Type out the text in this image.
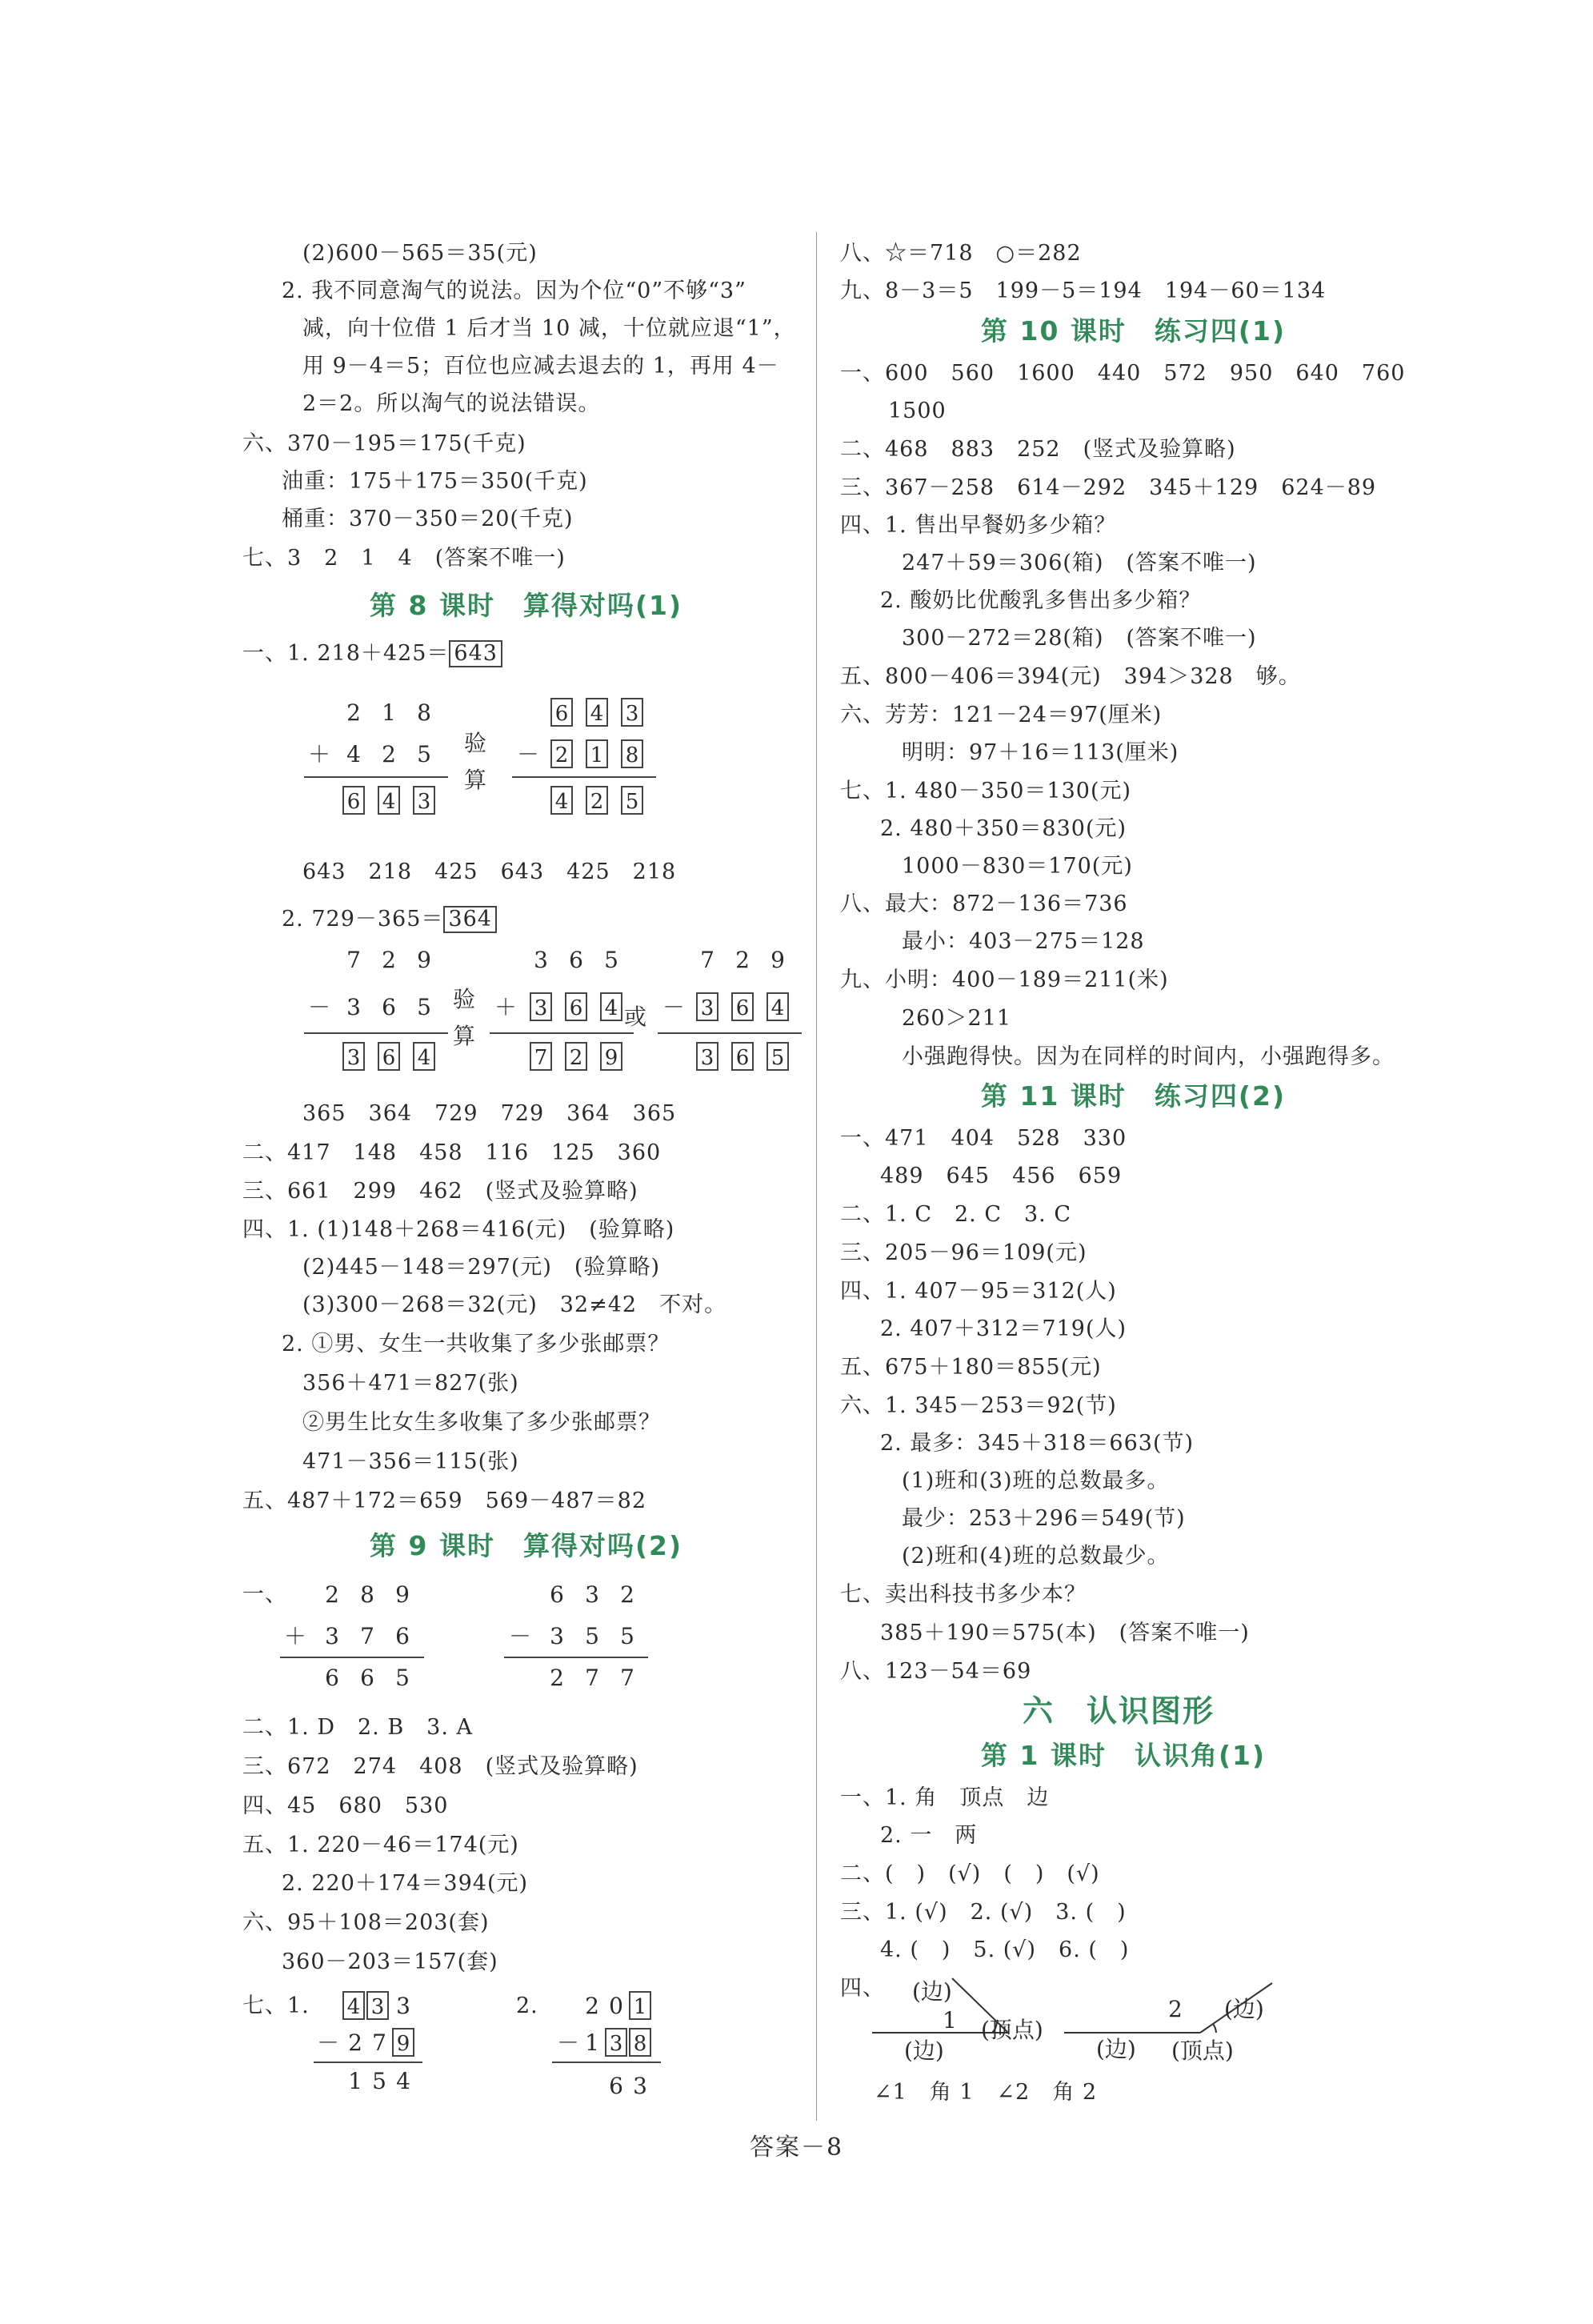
(2)600－565＝35(元)
2. 我不同意淘气的说法。因为个位“0”不够“3”
减，向十位借 1 后才当 10 减，十位就应退“1”，
用 9－4＝5；百位也应减去退去的 1，再用 4－
2＝2。所以淘气的说法错误。
六、370－195＝175(千克)
油重：175＋175＝350(千克)
桶重：370－350＝20(千克)
七、3　2　1　4　(答案不唯一)
第 8 课时　算得对吗(1)
一、1. 218＋425＝ 643
2 1 8
＋ 4 2 5
6 4 3
验
算
6 4 3
－ 2 1 8
4 2 5
643　218　425　643　425　218
2. 729－365＝ 364
7 2 9
－ 3 6 5
3 6 4
验
算
3 6 5
＋ 3 6 4
7 2 9
或
7 2 9
－ 3 6 4
3 6 5
365　364　729　729　364　365
二、417　148　458　116　125　360
三、661　299　462　(竖式及验算略)
四、1. (1)148＋268＝416(元)　(验算略)
(2)445－148＝297(元)　(验算略)
(3)300－268＝32(元)　32≠42　不对。
2. ①男、女生一共收集了多少张邮票？
356＋471＝827(张)
②男生比女生多收集了多少张邮票？
471－356＝115(张)
五、487＋172＝659　569－487＝82
第 9 课时　算得对吗(2)
一、 2 8 9
＋ 3 7 6
6 6 5
6 3 2
－ 3 5 5
2 7 7
二、1. D　2. B　3. A
三、672　274　408　(竖式及验算略)
四、45　680　530
五、1. 220－46＝174(元)
2. 220＋174＝394(元)
六、95＋108＝203(套)
360－203＝157(套)
七、1. 4 3 3
－ 2 7 9
1 5 4
2. 2 0 1
－ 1 3 8
6 3
八、☆＝718　○＝282
九、8－3＝5　199－5＝194　194－60＝134
第 10 课时　练习四(1)
一、600　560　1600　440　572　950　640　760
1500
二、468　883　252　(竖式及验算略)
三、367－258　614－292　345＋129　624－89
四、1. 售出早餐奶多少箱？
247＋59＝306(箱)　(答案不唯一)
2. 酸奶比优酸乳多售出多少箱？
300－272＝28(箱)　(答案不唯一)
五、800－406＝394(元)　394＞328　够。
六、芳芳：121－24＝97(厘米)
明明：97＋16＝113(厘米)
七、1. 480－350＝130(元)
2. 480＋350＝830(元)
1000－830＝170(元)
八、最大：872－136＝736
最小：403－275＝128
九、小明：400－189＝211(米)
260＞211
小强跑得快。因为在同样的时间内，小强跑得多。
第 11 课时　练习四(2)
一、471　404　528　330
489　645　456　659
二、1. C　2. C　3. C
三、205－96＝109(元)
四、1. 407－95＝312(人)
2. 407＋312＝719(人)
五、675＋180＝855(元)
六、1. 345－253＝92(节)
2. 最多：345＋318＝663(节)
(1)班和(3)班的总数最多。
最少：253＋296＝549(节)
(2)班和(4)班的总数最少。
七、卖出科技书多少本？
385＋190＝575(本)　(答案不唯一)
八、123－54＝69
六　认识图形
第 1 课时　认识角(1)
一、1. 角　顶点　边
2. 一　两
二、(　)　(√)　(　)　(√)
三、1. (√)　2. (√)　3. (　)
4. (　)　5. (√)　6. (　)
四、 (边)
1 (顶点)
(边)
2 (边)
(边) (顶点)
∠1　角 1　∠2　角 2
答案－8
